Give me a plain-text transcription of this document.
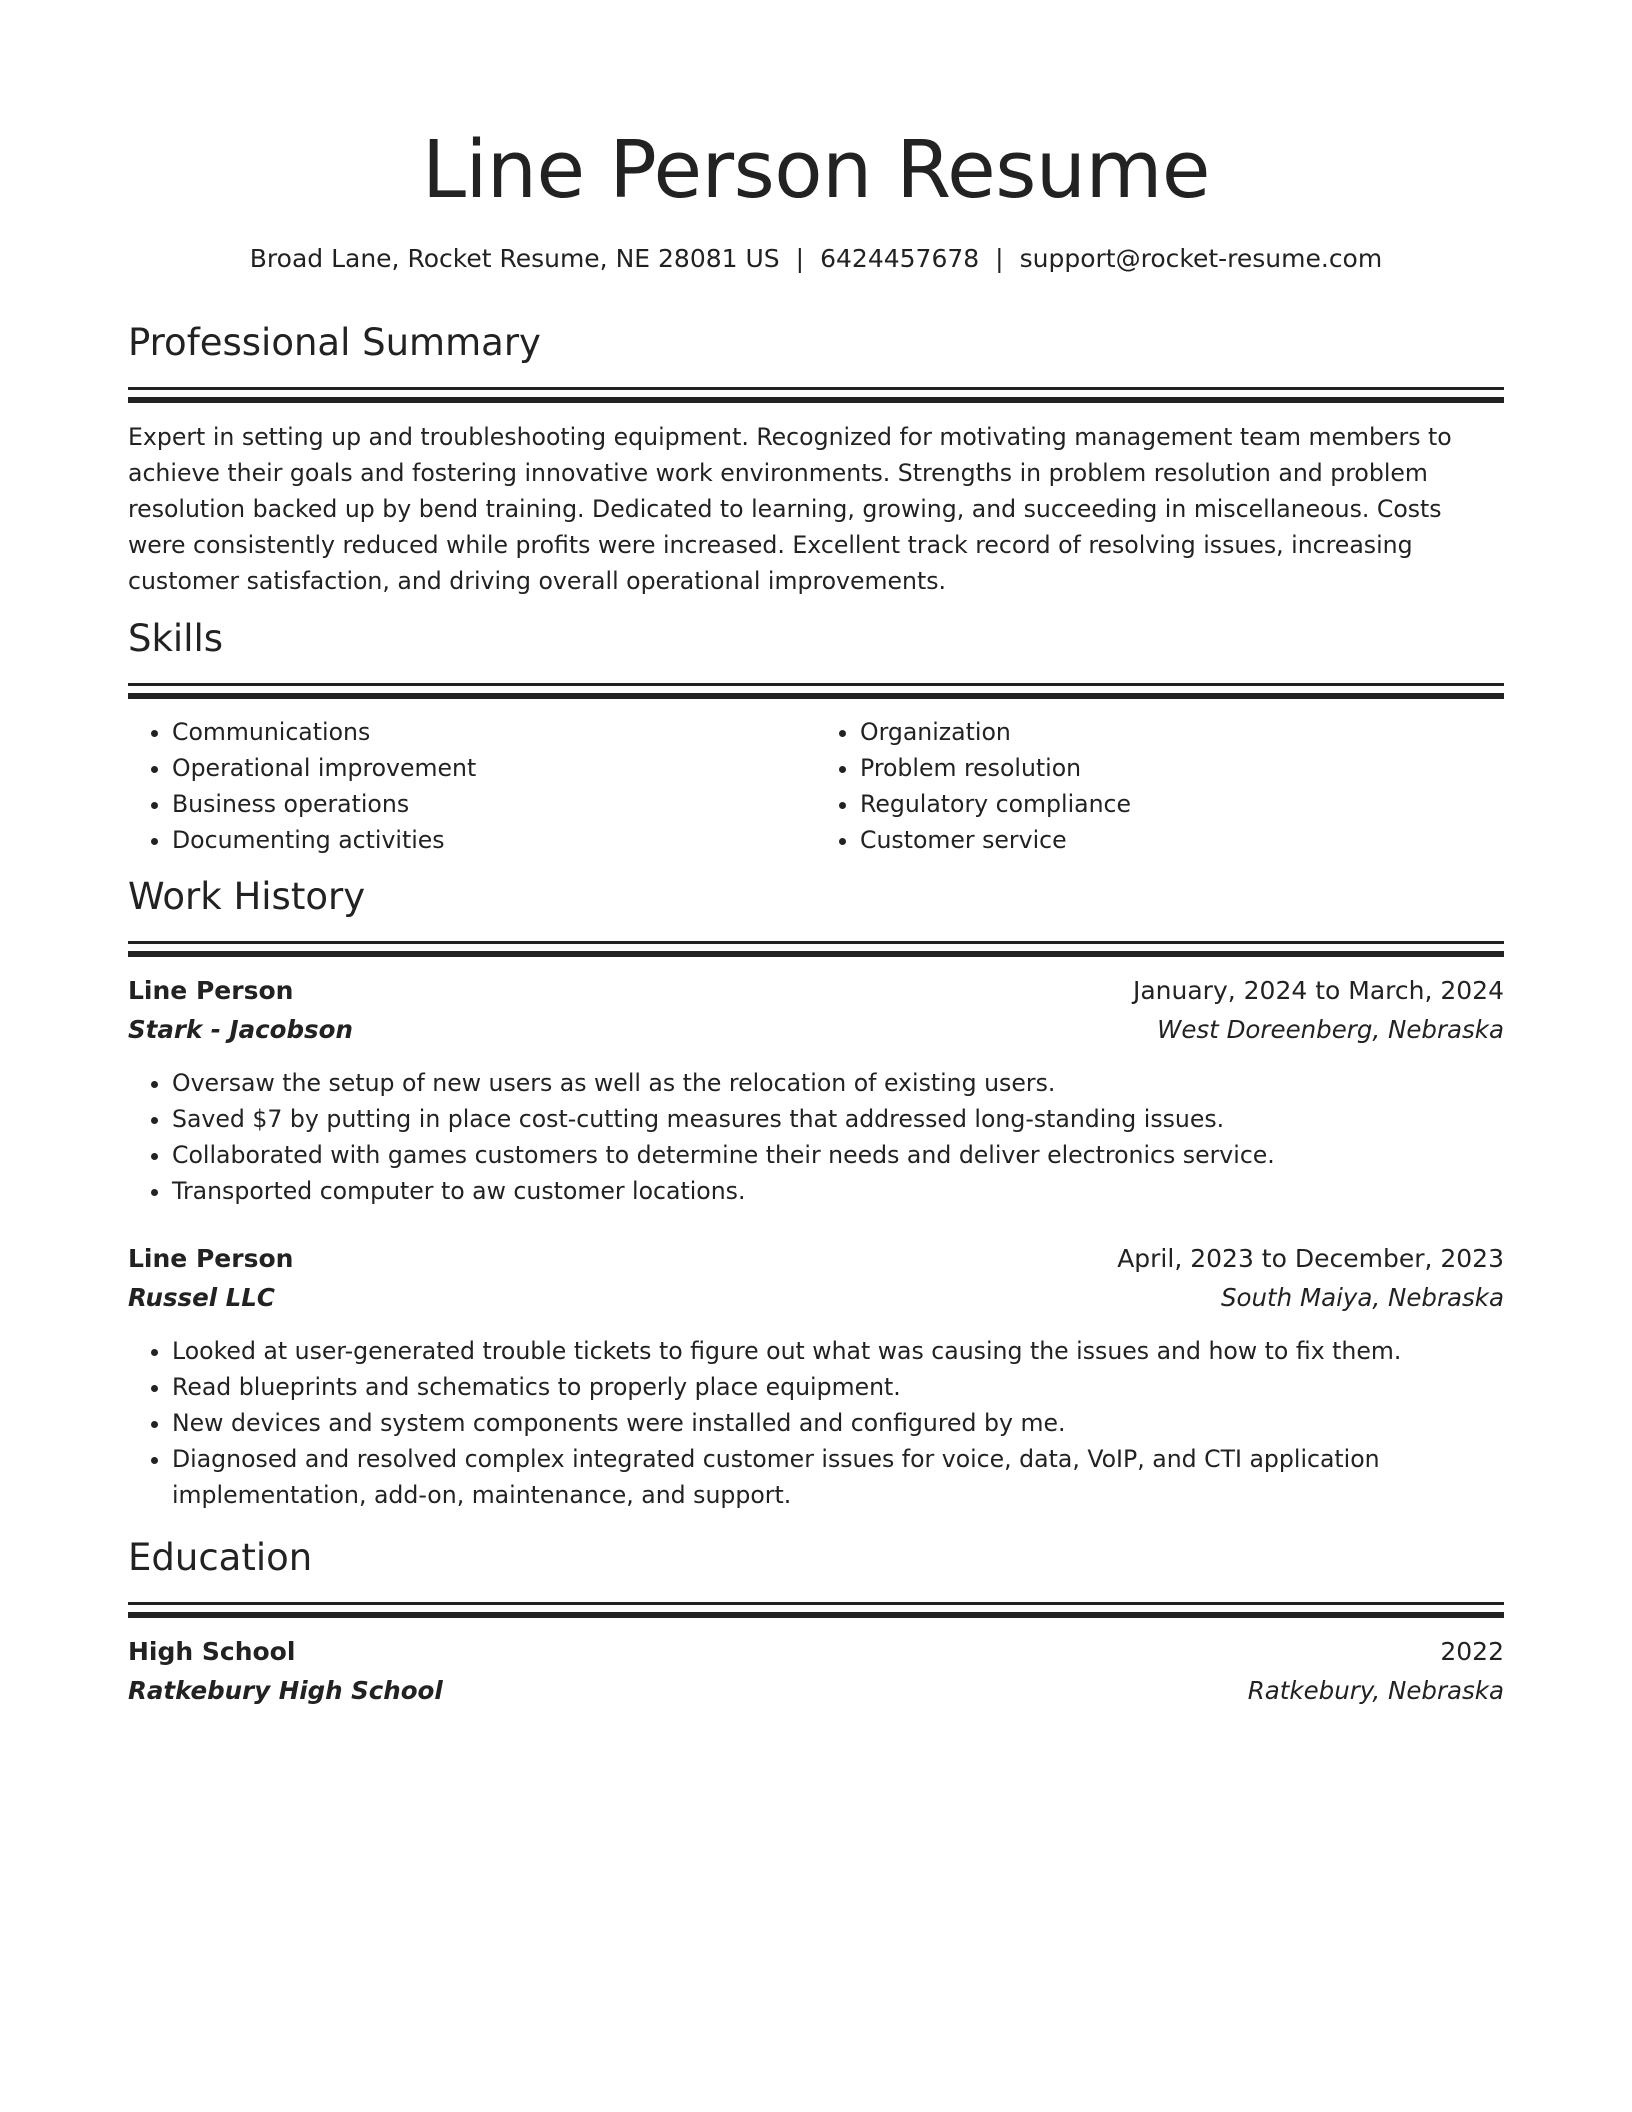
Line Person Resume
Broad Lane, Rocket Resume, NE 28081 US | 6424457678 | support@rocket-resume.com
Professional Summary

Expert in setting up and troubleshooting equipment. Recognized for motivating management team members to achieve their goals and fostering innovative work environments. Strengths in problem resolution and problem resolution backed up by bend training. Dedicated to learning, growing, and succeeding in miscellaneous. Costs were consistently reduced while profits were increased. Excellent track record of resolving issues, increasing customer satisfaction, and driving overall operational improvements.

Skills
• Communications
• Operational improvement
• Business operations
• Documenting activities
• Organization
• Problem resolution
• Regulatory compliance
• Customer service
Work History
Line Person	January, 2024 to March, 2024
Stark - Jacobson	West Doreenberg, Nebraska
• Oversaw the setup of new users as well as the relocation of existing users.
• Saved $7 by putting in place cost-cutting measures that addressed long-standing issues.
• Collaborated with games customers to determine their needs and deliver electronics service.
• Transported computer to aw customer locations.
Line Person	April, 2023 to December, 2023
Russel LLC	South Maiya, Nebraska
• Looked at user-generated trouble tickets to figure out what was causing the issues and how to fix them.
• Read blueprints and schematics to properly place equipment.
• New devices and system components were installed and configured by me.
• Diagnosed and resolved complex integrated customer issues for voice, data, VoIP, and CTI application implementation, add-on, maintenance, and support.
Education
High School	2022
Ratkebury High School	Ratkebury, Nebraska
